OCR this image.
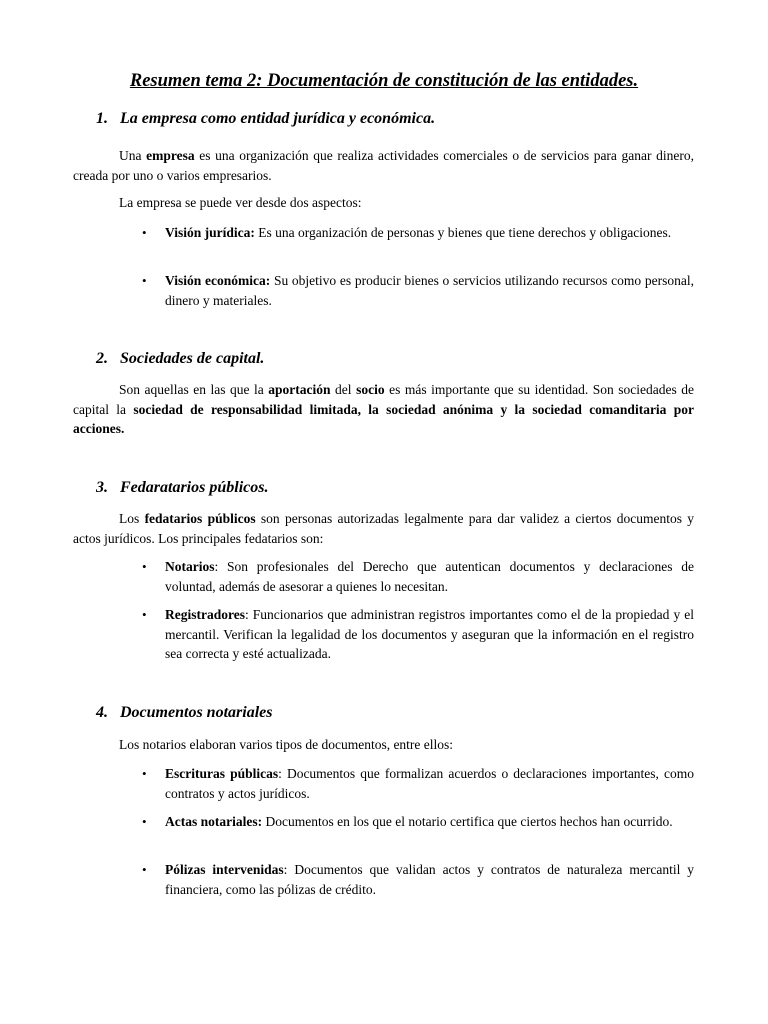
Resumen tema 2: Documentación de constitución de las entidades.
1. La empresa como entidad jurídica y económica.

Una empresa es una organización que realiza actividades comerciales o de servicios para ganar dinero, creada por uno o varios empresarios.

La empresa se puede ver desde dos aspectos:

• Visión jurídica: Es una organización de personas y bienes que tiene derechos y obligaciones.

• Visión económica: Su objetivo es producir bienes o servicios utilizando recursos como personal, dinero y materiales.

2. Sociedades de capital.

Son aquellas en las que la aportación del socio es más importante que su identidad. Son sociedades de capital la sociedad de responsabilidad limitada, la sociedad anónima y la sociedad comanditaria por acciones.

3. Fedaratarios públicos.

Los fedatarios públicos son personas autorizadas legalmente para dar validez a ciertos documentos y actos jurídicos. Los principales fedatarios son:

• Notarios: Son profesionales del Derecho que autentican documentos y declaraciones de voluntad, además de asesorar a quienes lo necesitan.

• Registradores: Funcionarios que administran registros importantes como el de la propiedad y el mercantil. Verifican la legalidad de los documentos y aseguran que la información en el registro sea correcta y esté actualizada.

4. Documentos notariales

Los notarios elaboran varios tipos de documentos, entre ellos:

• Escrituras públicas: Documentos que formalizan acuerdos o declaraciones importantes, como contratos y actos jurídicos.

• Actas notariales: Documentos en los que el notario certifica que ciertos hechos han ocurrido.

• Pólizas intervenidas: Documentos que validan actos y contratos de naturaleza mercantil y financiera, como las pólizas de crédito.
